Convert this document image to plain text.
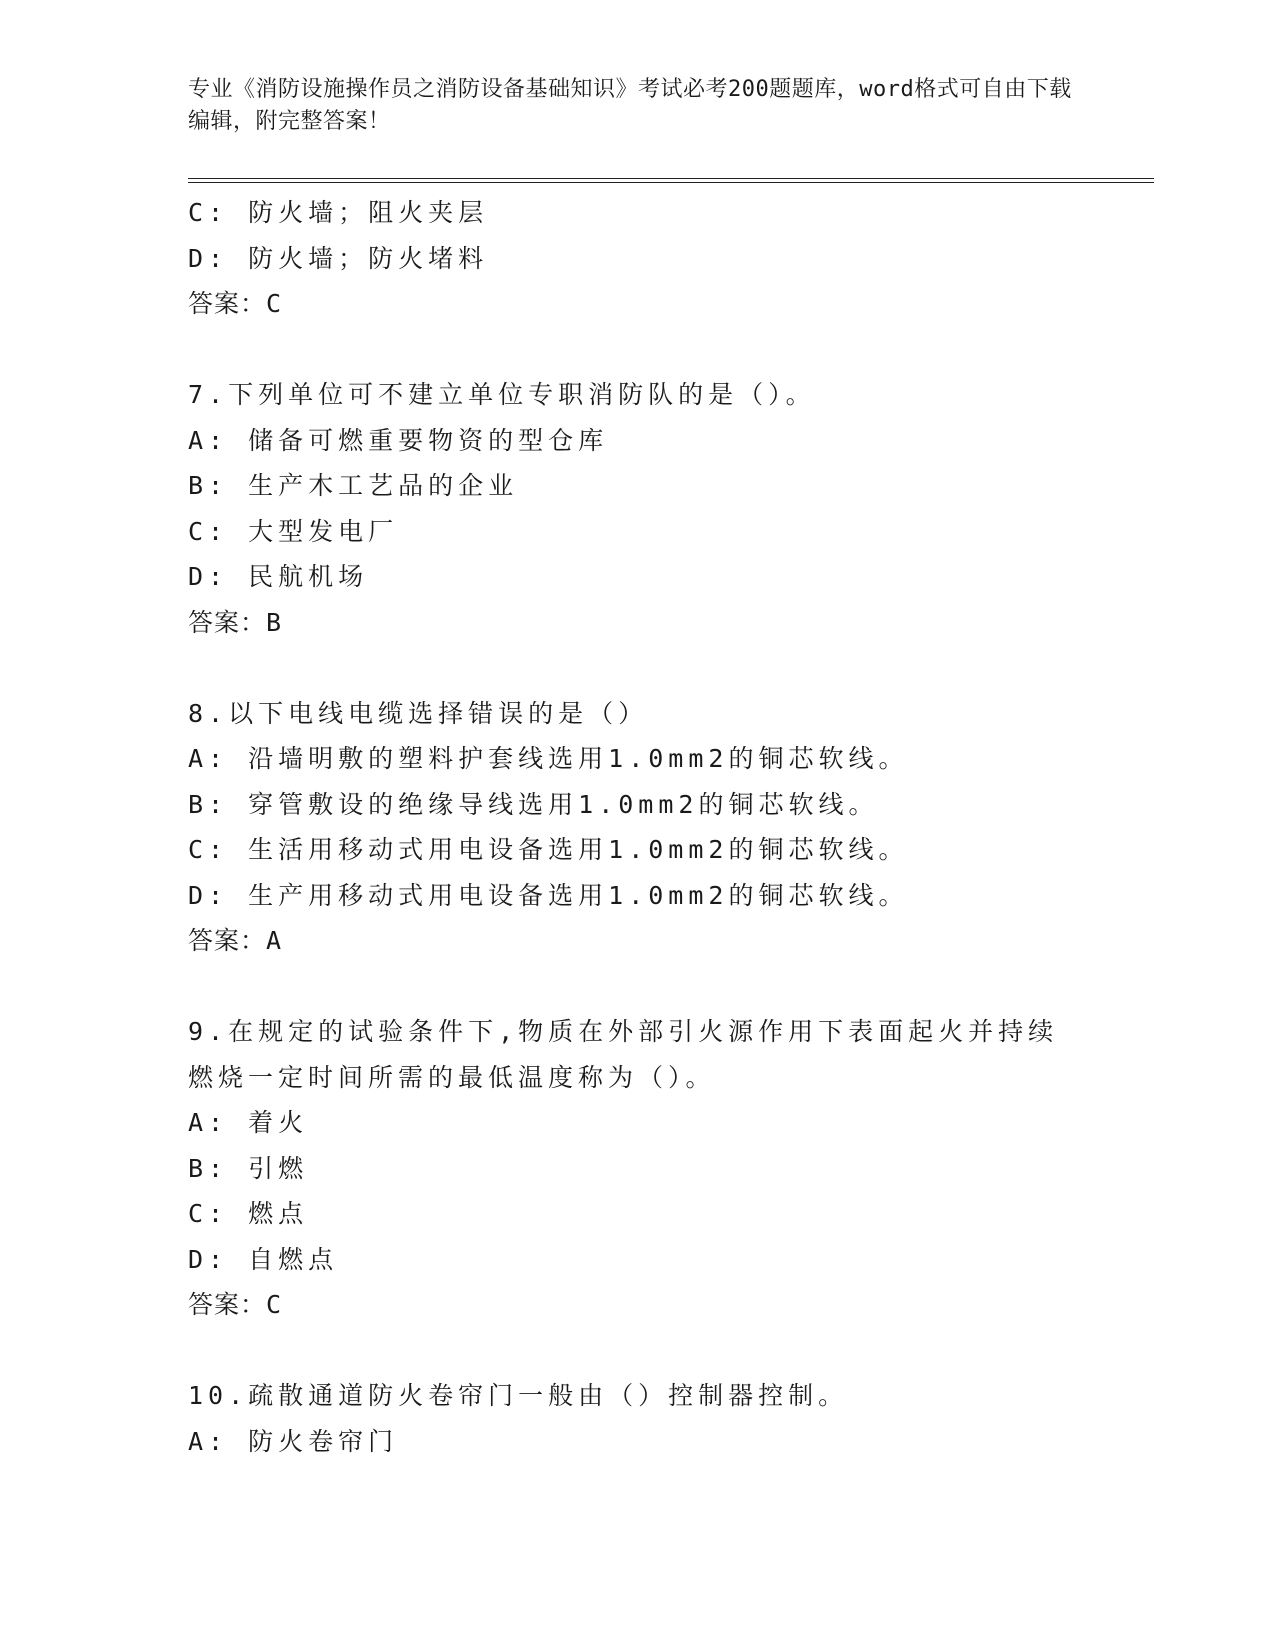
专业《消防设施操作员之消防设备基础知识》考试必考200题题库，word格式可自由下载编辑，附完整答案！
C: 防火墙；阻火夹层
D: 防火墙；防火堵料
答案：C
7.下列单位可不建立单位专职消防队的是（）。
A: 储备可燃重要物资的型仓库
B: 生产木工艺品的企业
C: 大型发电厂
D: 民航机场
答案：B
8.以下电线电缆选择错误的是（）
A: 沿墙明敷的塑料护套线选用1.0mm2的铜芯软线。
B: 穿管敷设的绝缘导线选用1.0mm2的铜芯软线。
C: 生活用移动式用电设备选用1.0mm2的铜芯软线。
D: 生产用移动式用电设备选用1.0mm2的铜芯软线。
答案：A
9.在规定的试验条件下,物质在外部引火源作用下表面起火并持续燃烧一定时间所需的最低温度称为（）。
A: 着火
B: 引燃
C: 燃点
D: 自燃点
答案：C
10.疏散通道防火卷帘门一般由（）控制器控制。
A: 防火卷帘门
